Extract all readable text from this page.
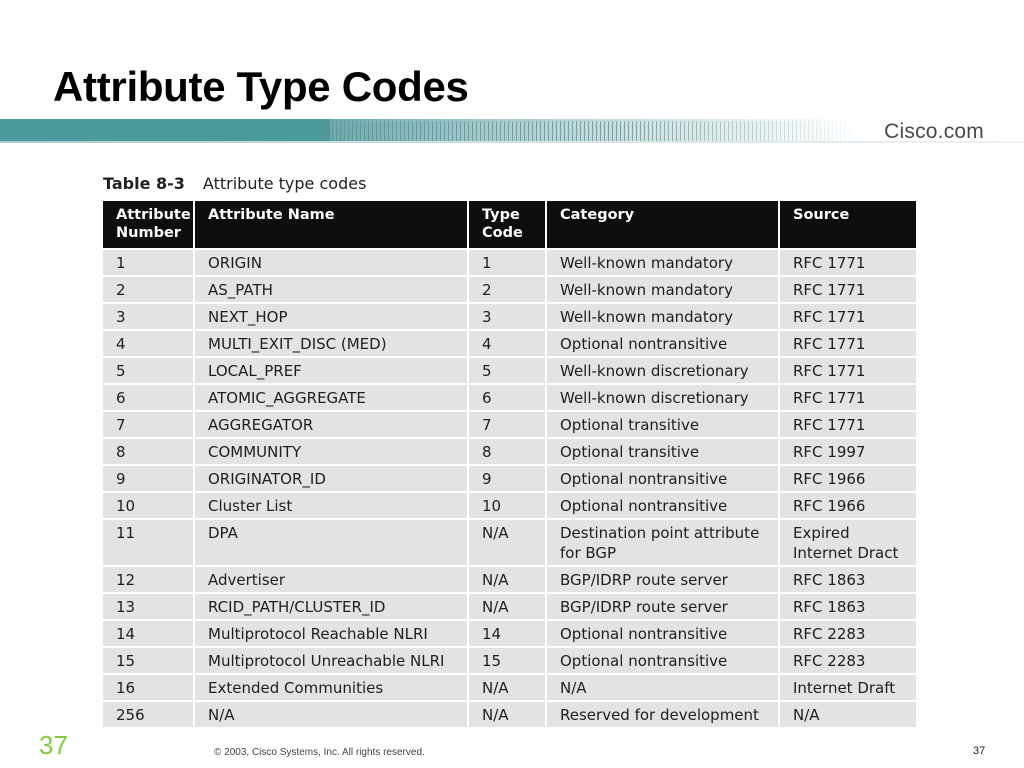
Attribute Type Codes
Cisco.com
Table 8-3 Attribute type codes
Attribute Number	Attribute Name	Type Code	Category	Source
1	ORIGIN	1	Well-known mandatory	RFC 1771
2	AS_PATH	2	Well-known mandatory	RFC 1771
3	NEXT_HOP	3	Well-known mandatory	RFC 1771
4	MULTI_EXIT_DISC (MED)	4	Optional nontransitive	RFC 1771
5	LOCAL_PREF	5	Well-known discretionary	RFC 1771
6	ATOMIC_AGGREGATE	6	Well-known discretionary	RFC 1771
7	AGGREGATOR	7	Optional transitive	RFC 1771
8	COMMUNITY	8	Optional transitive	RFC 1997
9	ORIGINATOR_ID	9	Optional nontransitive	RFC 1966
10	Cluster List	10	Optional nontransitive	RFC 1966
11	DPA	N/A	Destination point attribute for BGP	Expired Internet Dract
12	Advertiser	N/A	BGP/IDRP route server	RFC 1863
13	RCID_PATH/CLUSTER_ID	N/A	BGP/IDRP route server	RFC 1863
14	Multiprotocol Reachable NLRI	14	Optional nontransitive	RFC 2283
15	Multiprotocol Unreachable NLRI	15	Optional nontransitive	RFC 2283
16	Extended Communities	N/A	N/A	Internet Draft
256	N/A	N/A	Reserved for development	N/A
37	© 2003, Cisco Systems, Inc. All rights reserved.	37
